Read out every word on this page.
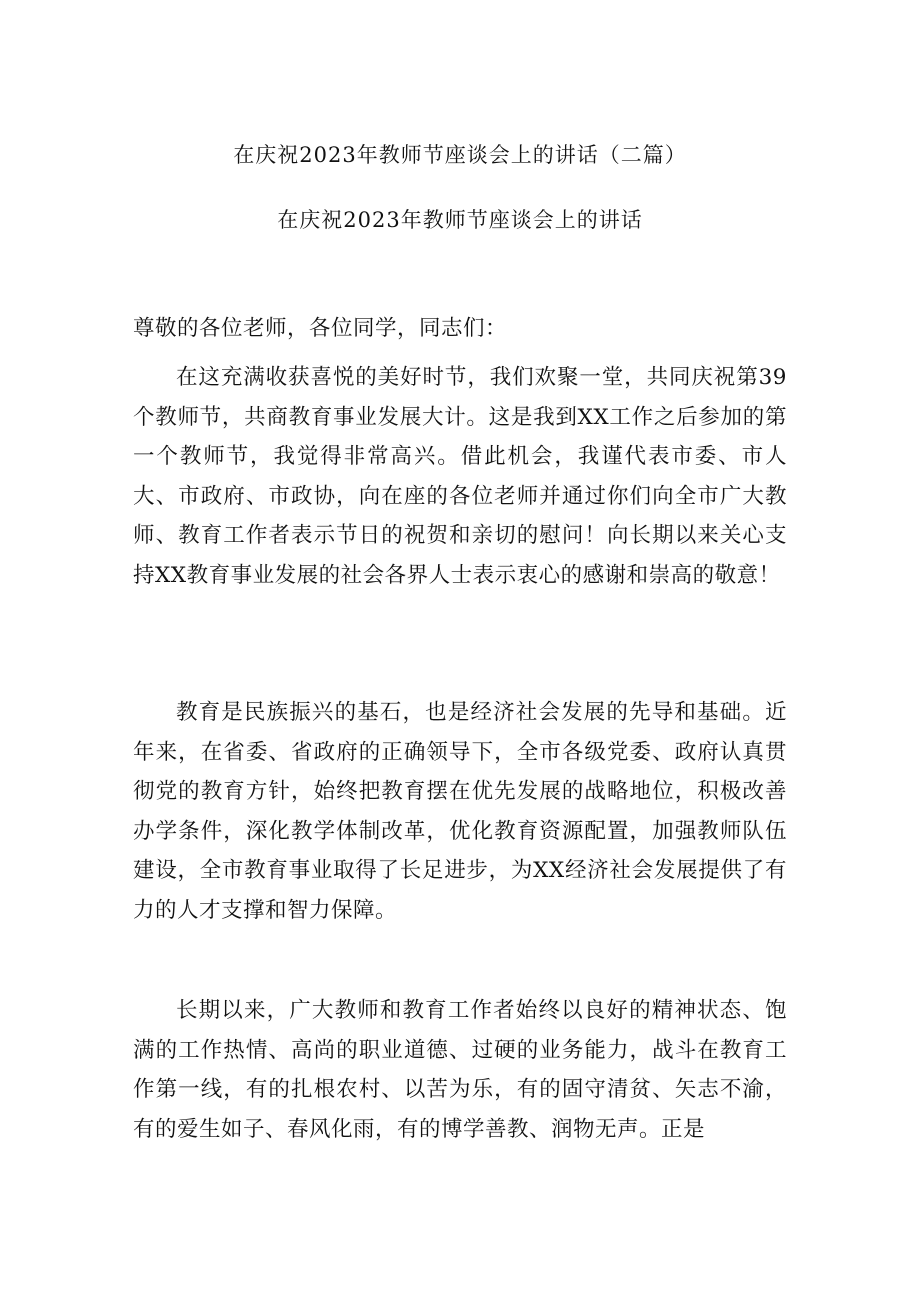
在庆祝2023年教师节座谈会上的讲话（二篇）
在庆祝2023年教师节座谈会上的讲话

尊敬的各位老师，各位同学，同志们：

在这充满收获喜悦的美好时节，我们欢聚一堂，共同庆祝第39个教师节，共商教育事业发展大计。这是我到XX工作之后参加的第一个教师节，我觉得非常高兴。借此机会，我谨代表市委、市人大、市政府、市政协，向在座的各位老师并通过你们向全市广大教师、教育工作者表示节日的祝贺和亲切的慰问！向长期以来关心支持XX教育事业发展的社会各界人士表示衷心的感谢和崇高的敬意！

教育是民族振兴的基石，也是经济社会发展的先导和基础。近年来，在省委、省政府的正确领导下，全市各级党委、政府认真贯彻党的教育方针，始终把教育摆在优先发展的战略地位，积极改善办学条件，深化教学体制改革，优化教育资源配置，加强教师队伍建设，全市教育事业取得了长足进步，为XX经济社会发展提供了有力的人才支撑和智力保障。

长期以来，广大教师和教育工作者始终以良好的精神状态、饱满的工作热情、高尚的职业道德、过硬的业务能力，战斗在教育工作第一线，有的扎根农村、以苦为乐，有的固守清贫、矢志不渝，有的爱生如子、春风化雨，有的博学善教、润物无声。正是
